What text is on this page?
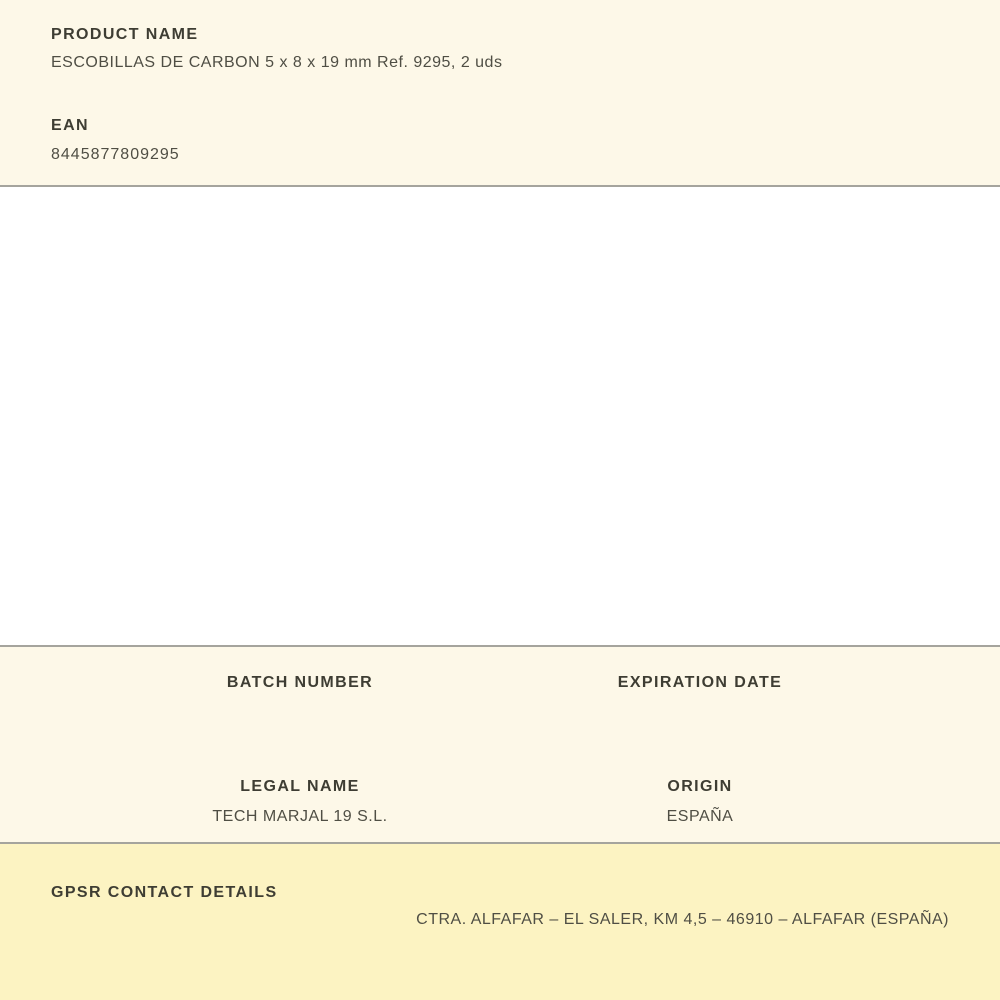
PRODUCT NAME
ESCOBILLAS DE CARBON 5 x 8 x 19 mm Ref. 9295, 2 uds
EAN
8445877809295
BATCH NUMBER	EXPIRATION DATE
LEGAL NAME
TECH MARJAL 19 S.L.
ORIGIN
ESPAÑA
GPSR CONTACT DETAILS
CTRA. ALFAFAR – EL SALER, KM 4,5 – 46910 – ALFAFAR (ESPAÑA)
